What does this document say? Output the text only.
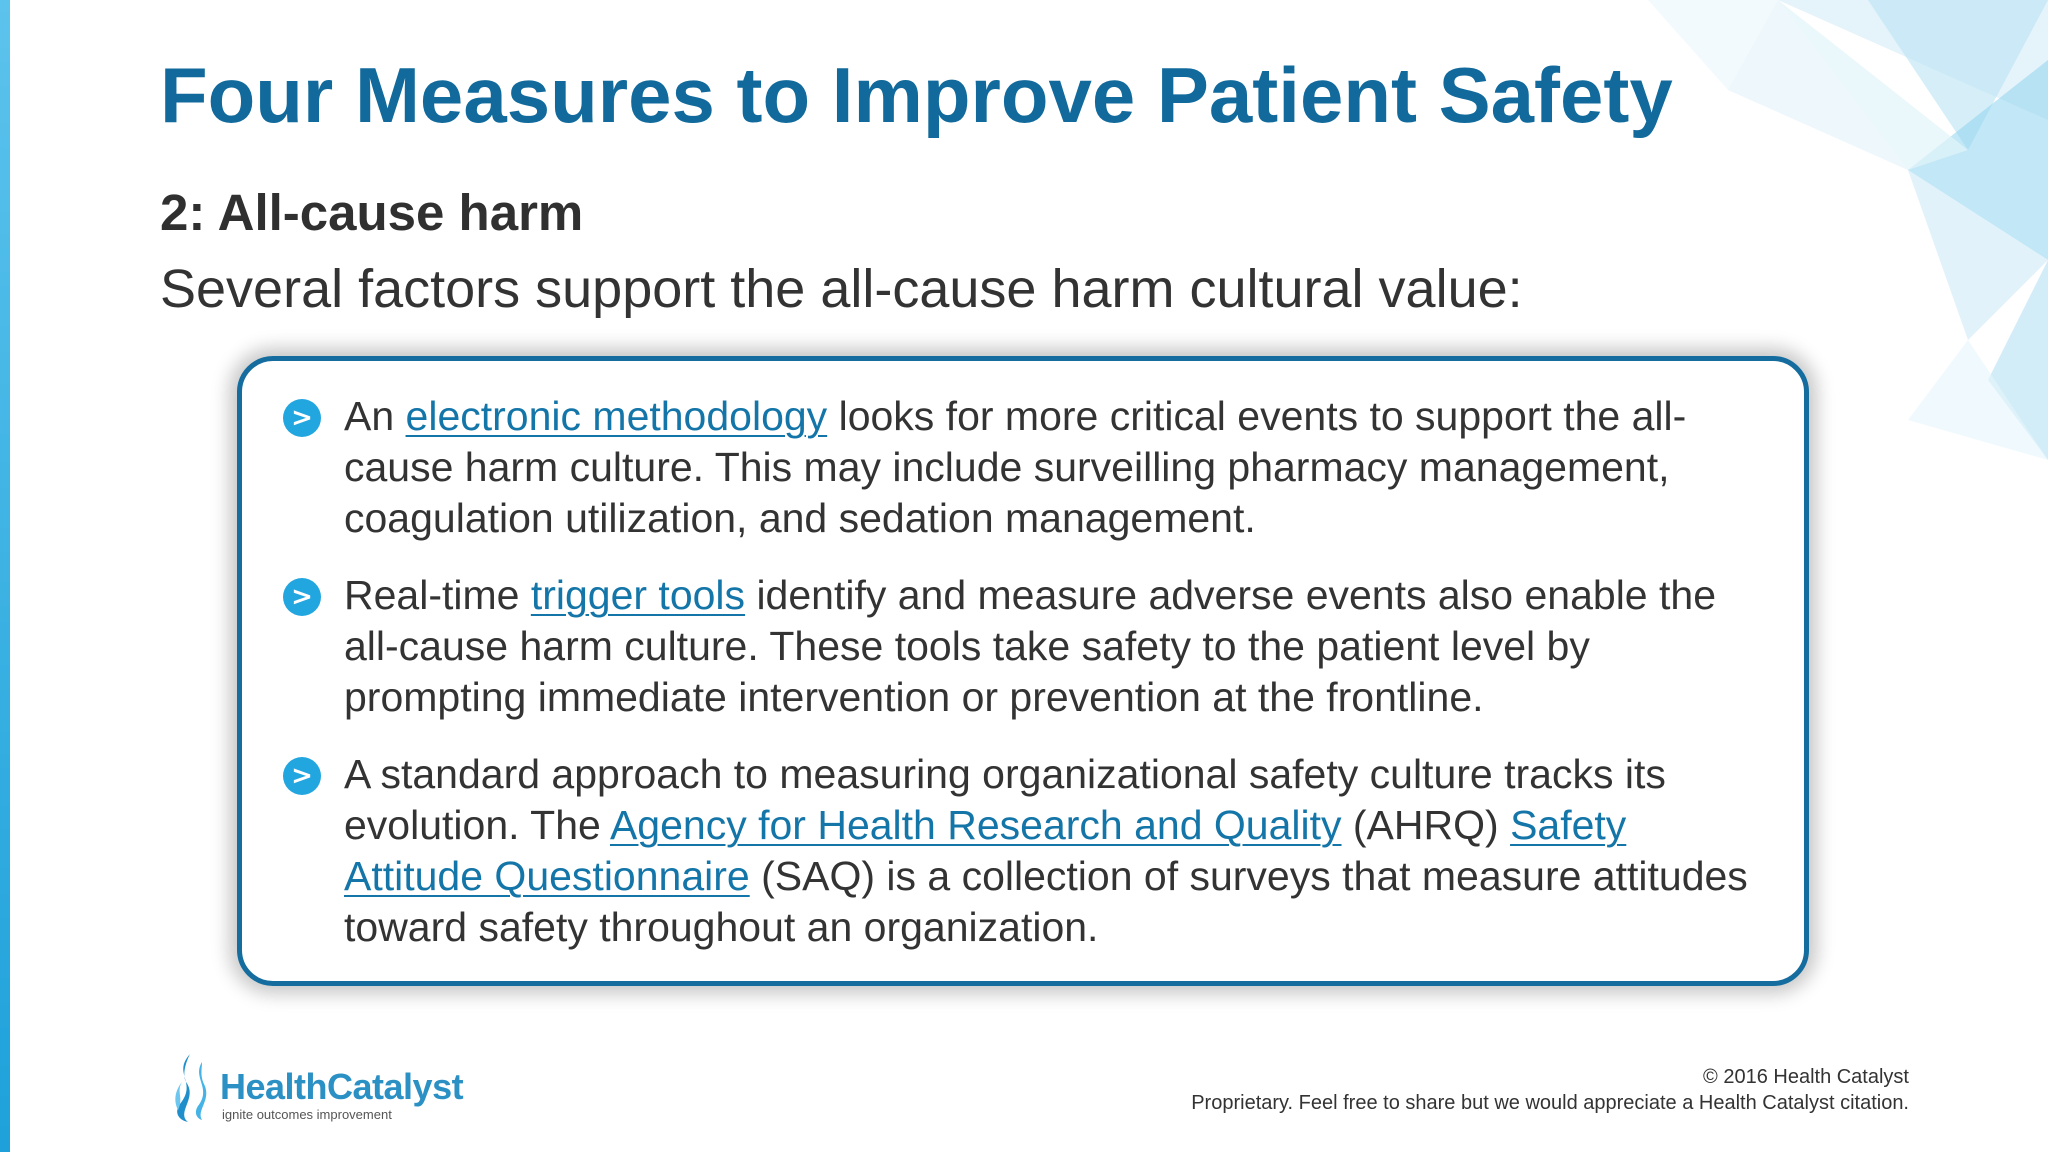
Four Measures to Improve Patient Safety
2: All-cause harm

Several factors support the all-cause harm cultural value:

> An electronic methodology looks for more critical events to support the all-cause harm culture. This may include surveilling pharmacy management, coagulation utilization, and sedation management.

> Real-time trigger tools identify and measure adverse events also enable the all-cause harm culture. These tools take safety to the patient level by prompting immediate intervention or prevention at the frontline.

> A standard approach to measuring organizational safety culture tracks its evolution. The Agency for Health Research and Quality (AHRQ) Safety Attitude Questionnaire (SAQ) is a collection of surveys that measure attitudes toward safety throughout an organization.

HealthCatalyst
ignite outcomes improvement
© 2016 Health Catalyst
Proprietary. Feel free to share but we would appreciate a Health Catalyst citation.
